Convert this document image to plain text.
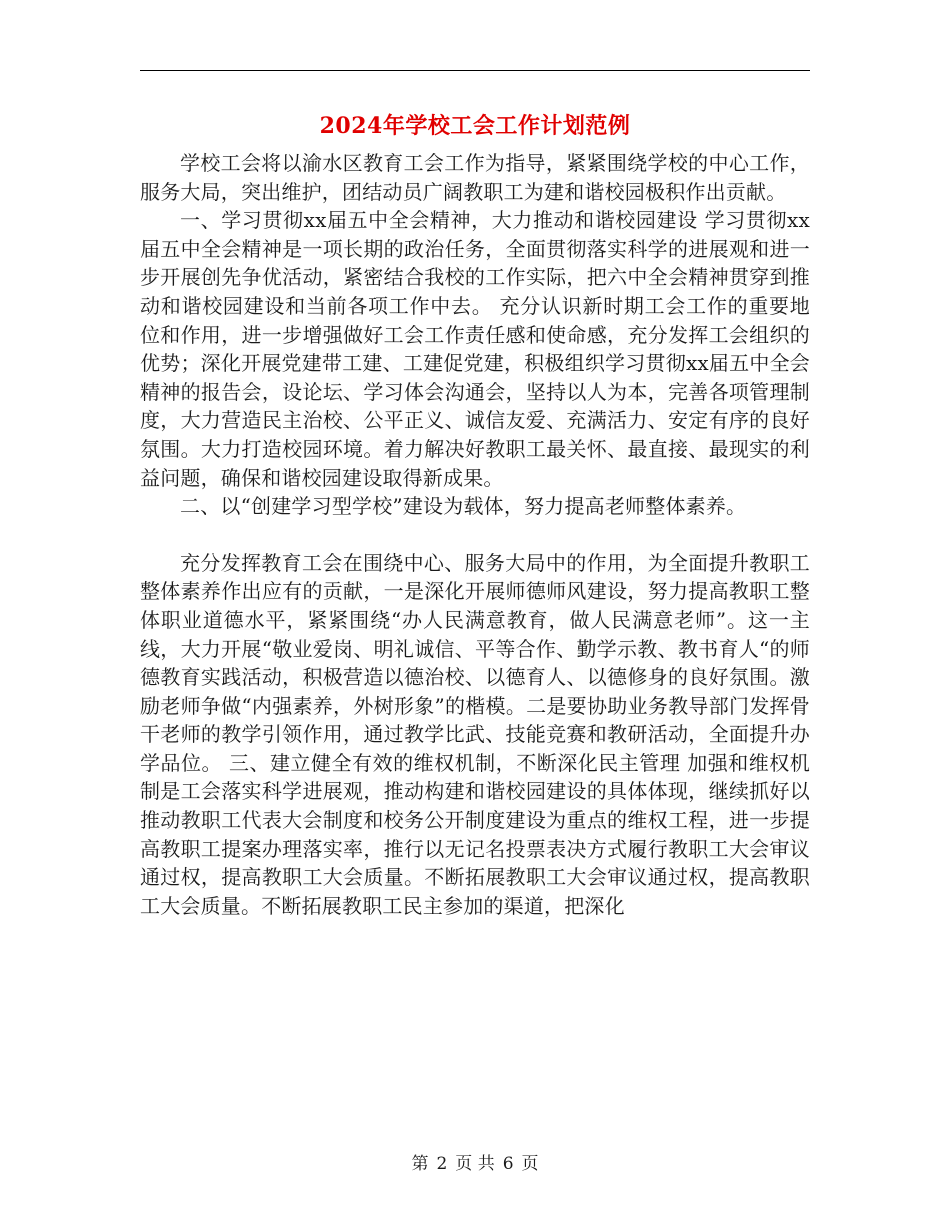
2024年学校工会工作计划范例

学校工会将以渝水区教育工会工作为指导，紧紧围绕学校的中心工作，服务大局，突出维护，团结动员广阔教职工为建和谐校园极积作出贡献。

一、学习贯彻xx届五中全会精神，大力推动和谐校园建设 学习贯彻xx届五中全会精神是一项长期的政治任务，全面贯彻落实科学的进展观和进一步开展创先争优活动，紧密结合我校的工作实际，把六中全会精神贯穿到推动和谐校园建设和当前各项工作中去。 充分认识新时期工会工作的重要地位和作用，进一步增强做好工会工作责任感和使命感，充分发挥工会组织的优势；深化开展党建带工建、工建促党建，积极组织学习贯彻xx届五中全会精神的报告会，设论坛、学习体会沟通会，坚持以人为本，完善各项管理制度，大力营造民主治校、公平正义、诚信友爱、充满活力、安定有序的良好氛围。大力打造校园环境。着力解决好教职工最关怀、最直接、最现实的利益问题，确保和谐校园建设取得新成果。

二、以“创建学习型学校”建设为载体，努力提高老师整体素养。

充分发挥教育工会在围绕中心、服务大局中的作用，为全面提升教职工整体素养作出应有的贡献，一是深化开展师德师风建设，努力提高教职工整体职业道德水平，紧紧围绕“办人民满意教育，做人民满意老师”。这一主线，大力开展“敬业爱岗、明礼诚信、平等合作、勤学示教、教书育人“的师德教育实践活动，积极营造以德治校、以德育人、以德修身的良好氛围。激励老师争做“内强素养，外树形象”的楷模。二是要协助业务教导部门发挥骨干老师的教学引领作用，通过教学比武、技能竞赛和教研活动，全面提升办学品位。 三、建立健全有效的维权机制，不断深化民主管理 加强和维权机制是工会落实科学进展观，推动构建和谐校园建设的具体体现，继续抓好以推动教职工代表大会制度和校务公开制度建设为重点的维权工程，进一步提高教职工提案办理落实率，推行以无记名投票表决方式履行教职工大会审议通过权，提高教职工大会质量。不断拓展教职工大会审议通过权，提高教职工大会质量。不断拓展教职工民主参加的渠道，把深化

第 2 页 共 6 页
